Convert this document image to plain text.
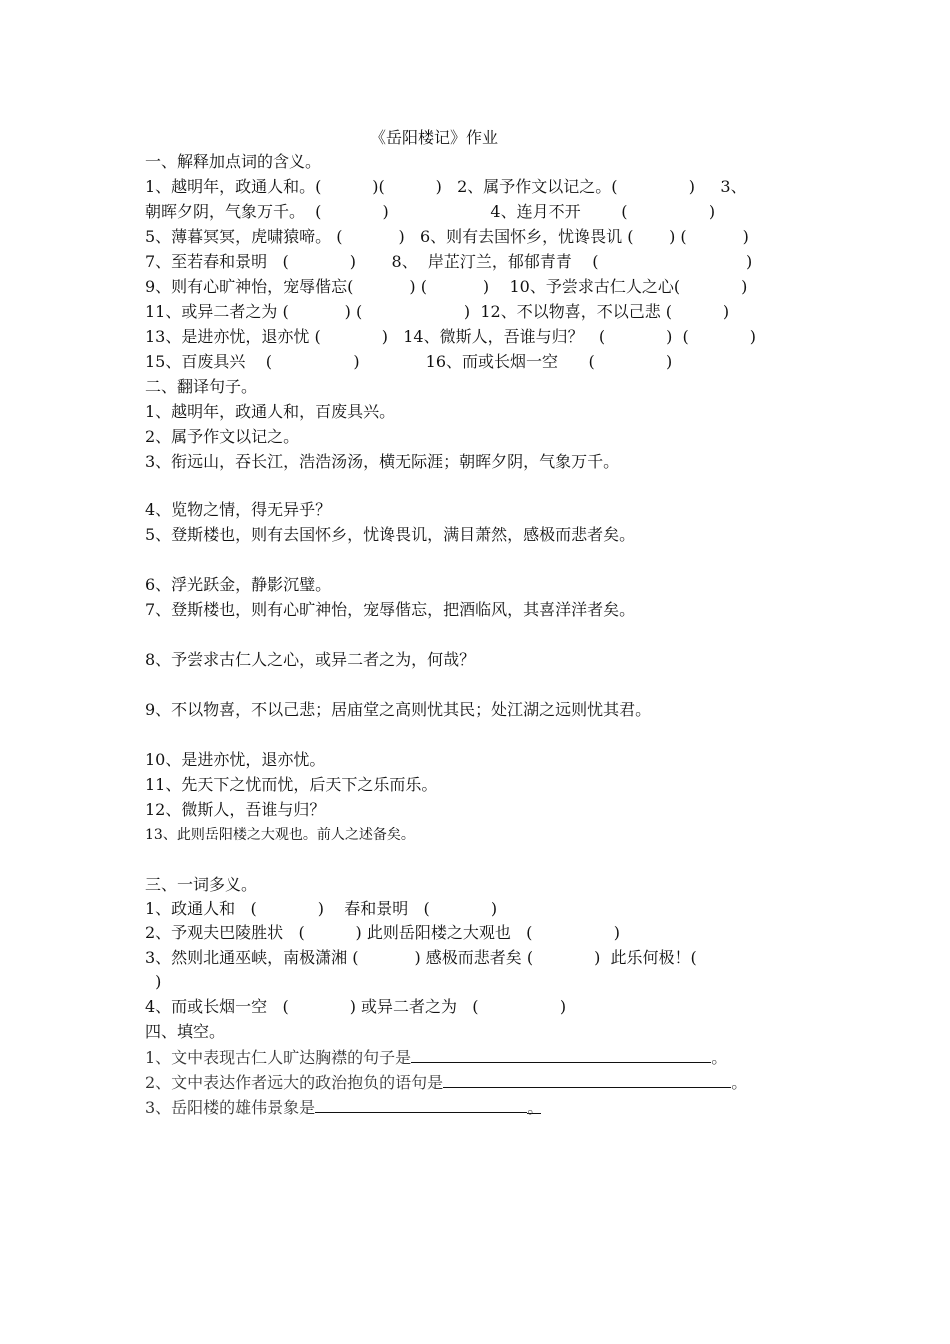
《岳阳楼记》作业
一、解释加点词的含义。
1、越明年，政通人和。(          )(          )   2、属予作文以记之。(              )     3、
朝晖夕阴，气象万千。  (            )                    4、连月不开        (                )
5、薄暮冥冥，虎啸猿啼。 (           )   6、则有去国怀乡，忧谗畏讥 (       ) (           )
7、至若春和景明   (            )       8、  岸芷汀兰，郁郁青青    (                             )
9、则有心旷神怡，宠辱偕忘(           ) (           )    10、予尝求古仁人之心(            )
11、或异二者之为 (           ) (                    )  12、不以物喜，不以己悲 (          )
13、是进亦忧，退亦忧 (            )   14、微斯人，吾谁与归？   (            )  (            )
15、百废具兴    (                )             16、而或长烟一空      (              )
二、翻译句子。
1、越明年，政通人和，百废具兴。
2、属予作文以记之。
3、衔远山，吞长江，浩浩汤汤，横无际涯；朝晖夕阴，气象万千。
4、览物之情，得无异乎？
5、登斯楼也，则有去国怀乡，忧谗畏讥，满目萧然，感极而悲者矣。
6、浮光跃金，静影沉璧。
7、登斯楼也，则有心旷神怡，宠辱偕忘，把酒临风，其喜洋洋者矣。
8、予尝求古仁人之心，或异二者之为，何哉？
9、不以物喜，不以己悲；居庙堂之高则忧其民；处江湖之远则忧其君。
10、是进亦忧，退亦忧。
11、先天下之忧而忧，后天下之乐而乐。
12、微斯人，吾谁与归？
13、此则岳阳楼之大观也。前人之述备矣。
三、一词多义。
1、政通人和   (            )    春和景明   (            )
2、予观夫巴陵胜状   (          ) 此则岳阳楼之大观也   (                )
3、然则北通巫峡，南极潇湘 (           ) 感极而悲者矣 (            )  此乐何极！(
)
4、而或长烟一空   (            ) 或异二者之为   (                )
四、填空。
1、文中表现古仁人旷达胸襟的句子是	。
2、文中表达作者远大的政治抱负的语句是	。
3、岳阳楼的雄伟景象是	。
